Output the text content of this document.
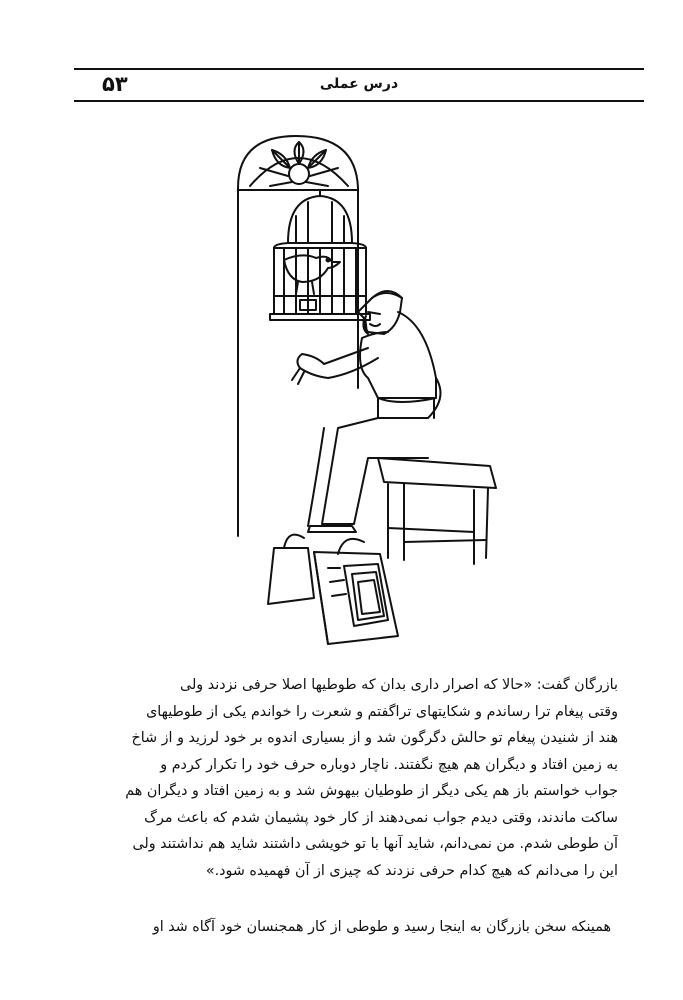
۵۳	درس عملی
بازرگان گفت: «حالا که اصرار داری بدان که طوطیها اصلا حرفی نزدند ولی
وقتی پیغام ترا رساندم و شکایتهای تراگفتم و شعرت را خواندم یکی از طوطیهای
هند از شنیدن پیغام تو حالش دگرگون شد و از بسیاری اندوه بر خود لرزید و از شاخ
به زمین افتاد و دیگران هم هیچ نگفتند. ناچار دوباره حرف خود را تکرار کردم و
جواب خواستم باز هم یکی دیگر از طوطیان بیهوش شد و به زمین افتاد و دیگران هم
ساکت ماندند، وقتی دیدم جواب نمی‌دهند از کار خود پشیمان شدم که باعث مرگ
آن طوطی شدم. من نمی‌دانم، شاید آنها با تو خویشی داشتند شاید هم نداشتند ولی
این را می‌دانم که هیچ کدام حرفی نزدند که چیزی از آن فهمیده شود.»
همینکه سخن بازرگان به اینجا رسید و طوطی از کار همجنسان خود آگاه شد او
